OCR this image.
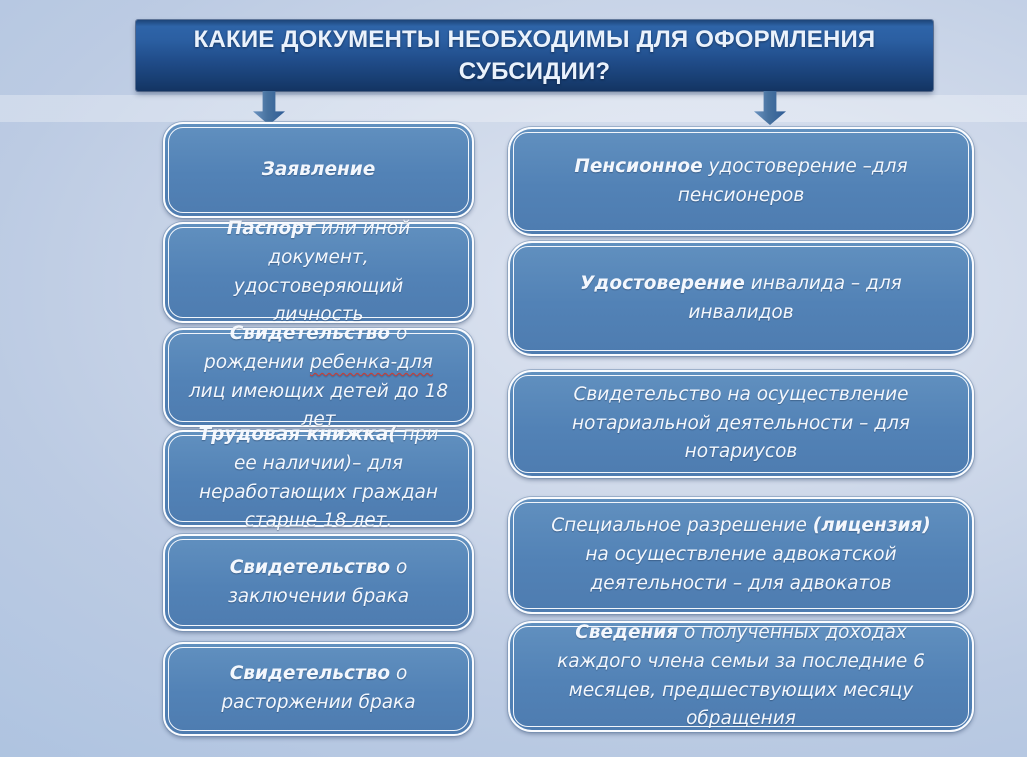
КАКИЕ ДОКУМЕНТЫ НЕОБХОДИМЫ ДЛЯ ОФОРМЛЕНИЯ
СУБСИДИИ?

Заявление

Паспорт или иной документ, удостоверяющий личность

Свидетельство о рождении ребенка-для лиц имеющих детей до 18 лет

Трудовая книжка( при ее наличии)– для неработающих граждан старше 18 лет.

Свидетельство о заключении брака

Свидетельство о расторжении брака

Пенсионное удостоверение –для пенсионеров

Удостоверение инвалида – для инвалидов

Свидетельство на осуществление нотариальной деятельности – для нотариусов

Специальное разрешение (лицензия) на осуществление адвокатской деятельности – для адвокатов

Сведения о полученных доходах каждого члена семьи за последние 6 месяцев, предшествующих месяцу обращения
